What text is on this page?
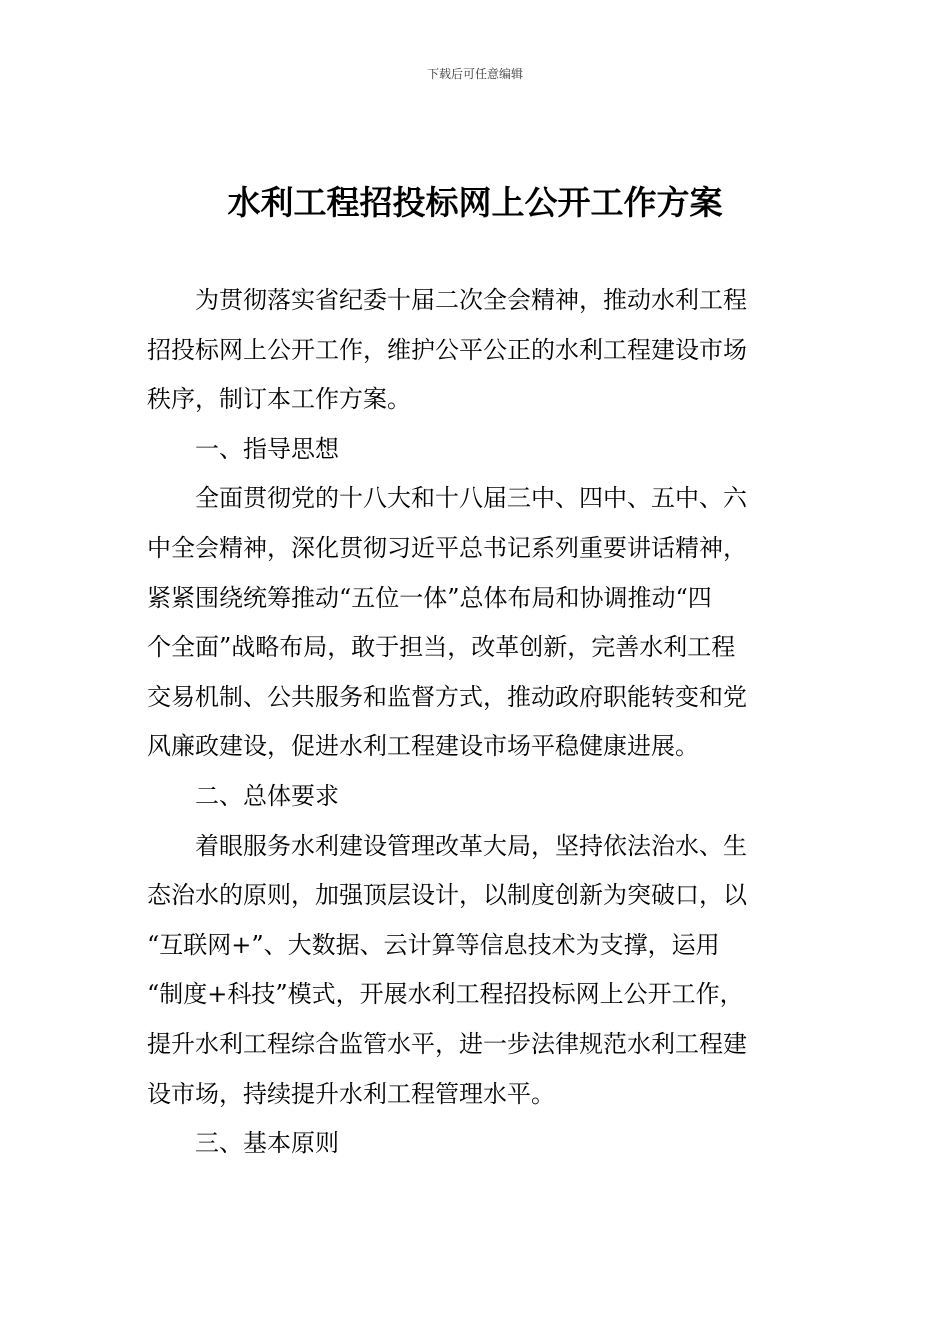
下载后可任意编辑
水利工程招投标网上公开工作方案

为贯彻落实省纪委十届二次全会精神，推动水利工程
招投标网上公开工作，维护公平公正的水利工程建设市场
秩序，制订本工作方案。

一、指导思想

全面贯彻党的十八大和十八届三中、四中、五中、六
中全会精神，深化贯彻习近平总书记系列重要讲话精神，
紧紧围绕统筹推动“五位一体”总体布局和协调推动“四
个全面”战略布局，敢于担当，改革创新，完善水利工程
交易机制、公共服务和监督方式，推动政府职能转变和党
风廉政建设，促进水利工程建设市场平稳健康进展。

二、总体要求

着眼服务水利建设管理改革大局，坚持依法治水、生
态治水的原则，加强顶层设计，以制度创新为突破口，以
“互联网+”、大数据、云计算等信息技术为支撑，运用
“制度+科技”模式，开展水利工程招投标网上公开工作，
提升水利工程综合监管水平，进一步法律规范水利工程建
设市场，持续提升水利工程管理水平。

三、基本原则
